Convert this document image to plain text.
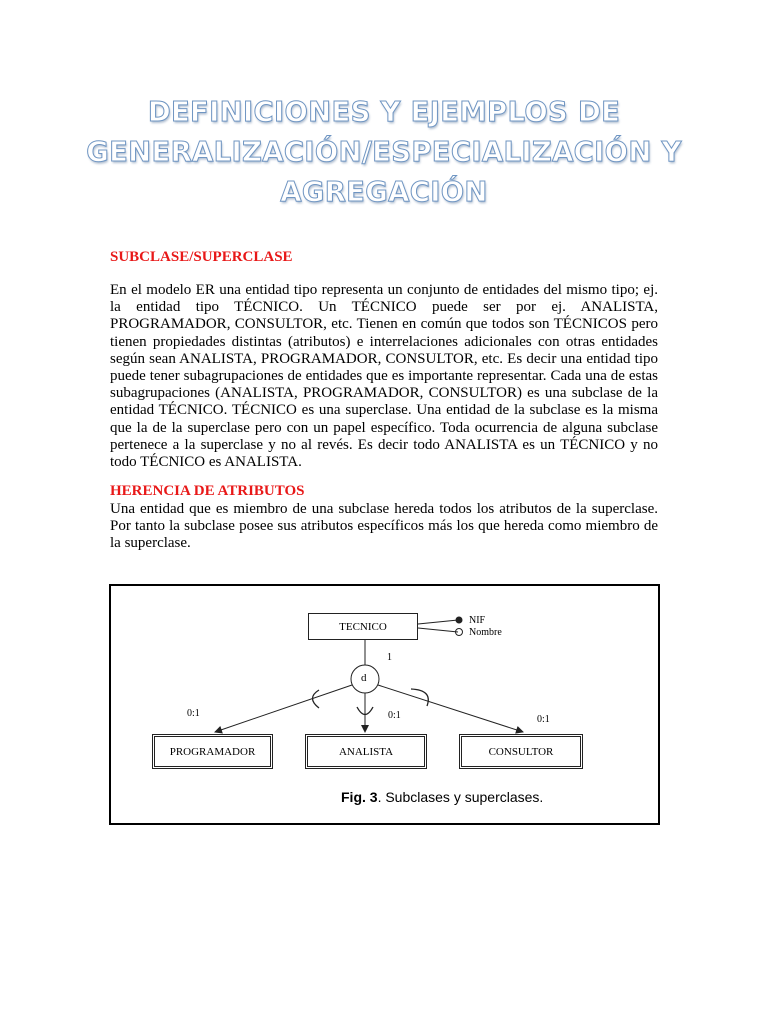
DEFINICIONES Y EJEMPLOS DE
GENERALIZACIÓN/ESPECIALIZACIÓN Y
AGREGACIÓN
SUBCLASE/SUPERCLASE

En el modelo ER una entidad tipo representa un conjunto de entidades del mismo tipo; ej. la entidad tipo TÉCNICO. Un TÉCNICO puede ser por ej. ANALISTA, PROGRAMADOR, CONSULTOR, etc. Tienen en común que todos son TÉCNICOS pero tienen propiedades distintas (atributos) e interrelaciones adicionales con otras entidades según sean ANALISTA, PROGRAMADOR, CONSULTOR, etc. Es decir una entidad tipo puede tener subagrupaciones de entidades que es importante representar. Cada una de estas subagrupaciones (ANALISTA, PROGRAMADOR, CONSULTOR) es una subclase de la entidad TÉCNICO. TÉCNICO es una superclase. Una entidad de la subclase es la misma que la de la superclase pero con un papel específico. Toda ocurrencia de alguna subclase pertenece a la superclase y no al revés. Es decir todo ANALISTA es un TÉCNICO y no todo TÉCNICO es ANALISTA.

HERENCIA DE ATRIBUTOS

Una entidad que es miembro de una subclase hereda todos los atributos de la superclase. Por tanto la subclase posee sus atributos específicos más los que hereda como miembro de la superclase.

TECNICO	NIF
Nombre
1
d
0:1	0:1	0:1
PROGRAMADOR	ANALISTA	CONSULTOR
Fig. 3. Subclases y superclases.
